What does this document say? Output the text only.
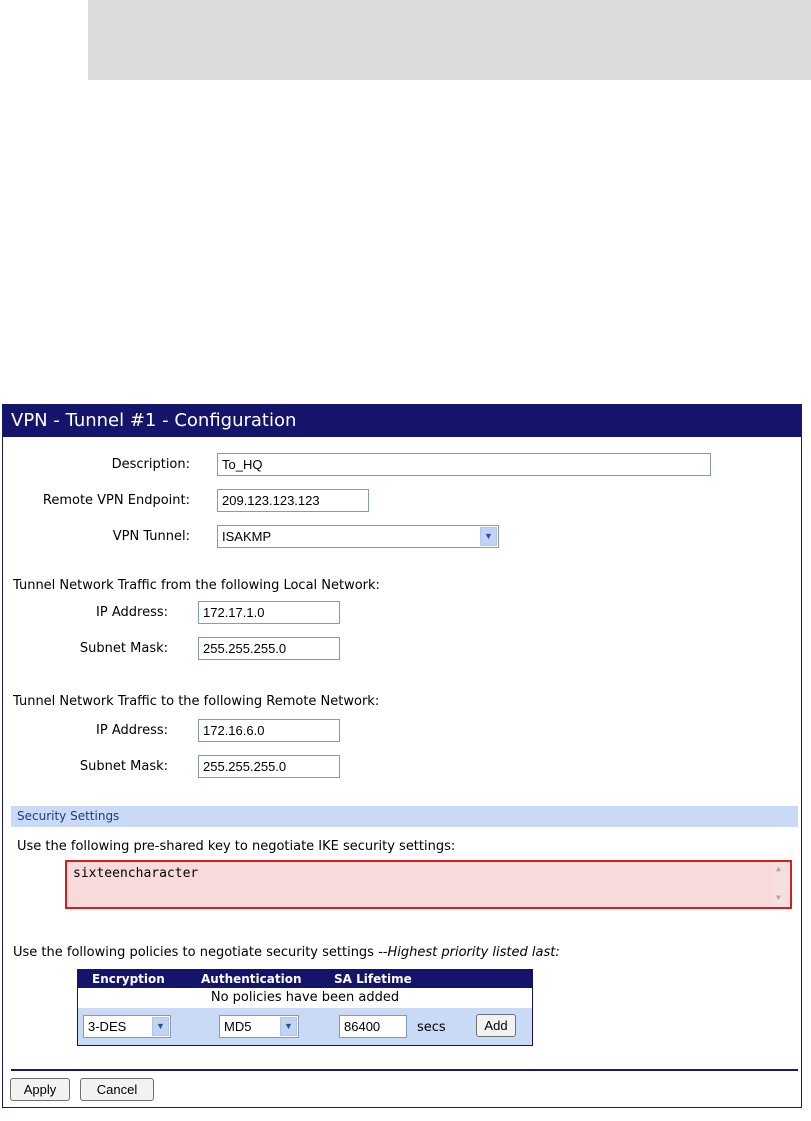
VPN - Tunnel #1 - Configuration
Description:	To_HQ
Remote VPN Endpoint:	209.123.123.123
VPN Tunnel:	ISAKMP	▼
Tunnel Network Traffic from the following Local Network:
IP Address:	172.17.1.0
Subnet Mask:	255.255.255.0
Tunnel Network Traffic to the following Remote Network:
IP Address:	172.16.6.0
Subnet Mask:	255.255.255.0
Security Settings
Use the following pre-shared key to negotiate IKE security settings:
sixteencharacter	▲
▼
Use the following policies to negotiate security settings --Highest priority listed last:
Encryption	Authentication	SA Lifetime
No policies have been added
3-DES	▼	MD5	▼	86400	secs	Add
Apply	Cancel
